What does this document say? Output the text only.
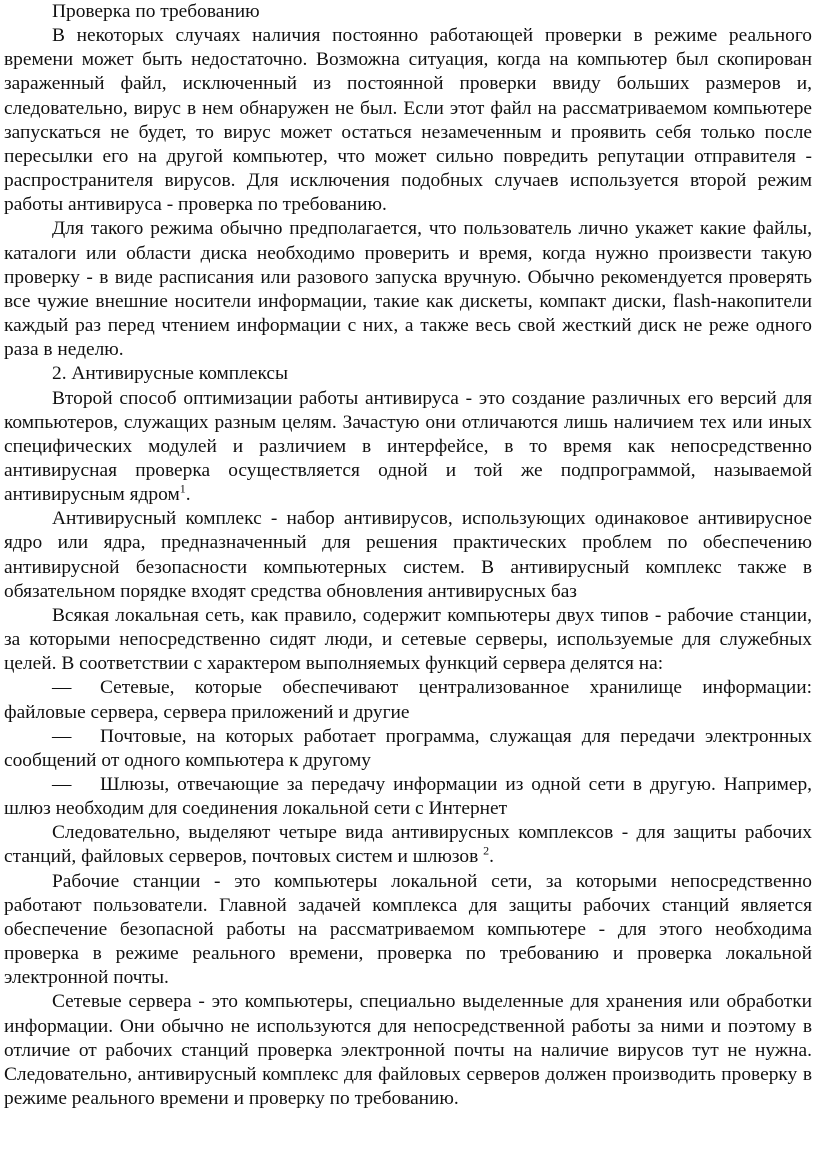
Проверка по требованию

В некоторых случаях наличия постоянно работающей проверки в режиме реального времени может быть недостаточно. Возможна ситуация, когда на компьютер был скопирован зараженный файл, исключенный из постоянной проверки ввиду больших размеров и, следовательно, вирус в нем обнаружен не был. Если этот файл на рассматриваемом компьютере запускаться не будет, то вирус может остаться незамеченным и проявить себя только после пересылки его на другой компьютер, что может сильно повредить репутации отправителя - распространителя вирусов. Для исключения подобных случаев используется второй режим работы антивируса - проверка по требованию.

Для такого режима обычно предполагается, что пользователь лично укажет какие файлы, каталоги или области диска необходимо проверить и время, когда нужно произвести такую проверку - в виде расписания или разового запуска вручную. Обычно рекомендуется проверять все чужие внешние носители информации, такие как дискеты, компакт диски, flash-накопители каждый раз перед чтением информации с них, а также весь свой жесткий диск не реже одного раза в неделю.

2. Антивирусные комплексы

Второй способ оптимизации работы антивируса - это создание различных его версий для компьютеров, служащих разным целям. Зачастую они отличаются лишь наличием тех или иных специфических модулей и различием в интерфейсе, в то время как непосредственно антивирусная проверка осуществляется одной и той же подпрограммой, называемой антивирусным ядром$^1$.

Антивирусный комплекс - набор антивирусов, использующих одинаковое антивирусное ядро или ядра, предназначенный для решения практических проблем по обеспечению антивирусной безопасности компьютерных систем. В антивирусный комплекс также в обязательном порядке входят средства обновления антивирусных баз

Всякая локальная сеть, как правило, содержит компьютеры двух типов - рабочие станции, за которыми непосредственно сидят люди, и сетевые серверы, используемые для служебных целей. В соответствии с характером выполняемых функций сервера делятся на:

— Сетевые, которые обеспечивают централизованное хранилище информации: файловые сервера, сервера приложений и другие

— Почтовые, на которых работает программа, служащая для передачи электронных сообщений от одного компьютера к другому

— Шлюзы, отвечающие за передачу информации из одной сети в другую. Например, шлюз необходим для соединения локальной сети с Интернет

Следовательно, выделяют четыре вида антивирусных комплексов - для защиты рабочих станций, файловых серверов, почтовых систем и шлюзов $^2$.

Рабочие станции - это компьютеры локальной сети, за которыми непосредственно работают пользователи. Главной задачей комплекса для защиты рабочих станций является обеспечение безопасной работы на рассматриваемом компьютере - для этого необходима проверка в режиме реального времени, проверка по требованию и проверка локальной электронной почты.

Сетевые сервера - это компьютеры, специально выделенные для хранения или обработки информации. Они обычно не используются для непосредственной работы за ними и поэтому в отличие от рабочих станций проверка электронной почты на наличие вирусов тут не нужна. Следовательно, антивирусный комплекс для файловых серверов должен производить проверку в режиме реального времени и проверку по требованию.
